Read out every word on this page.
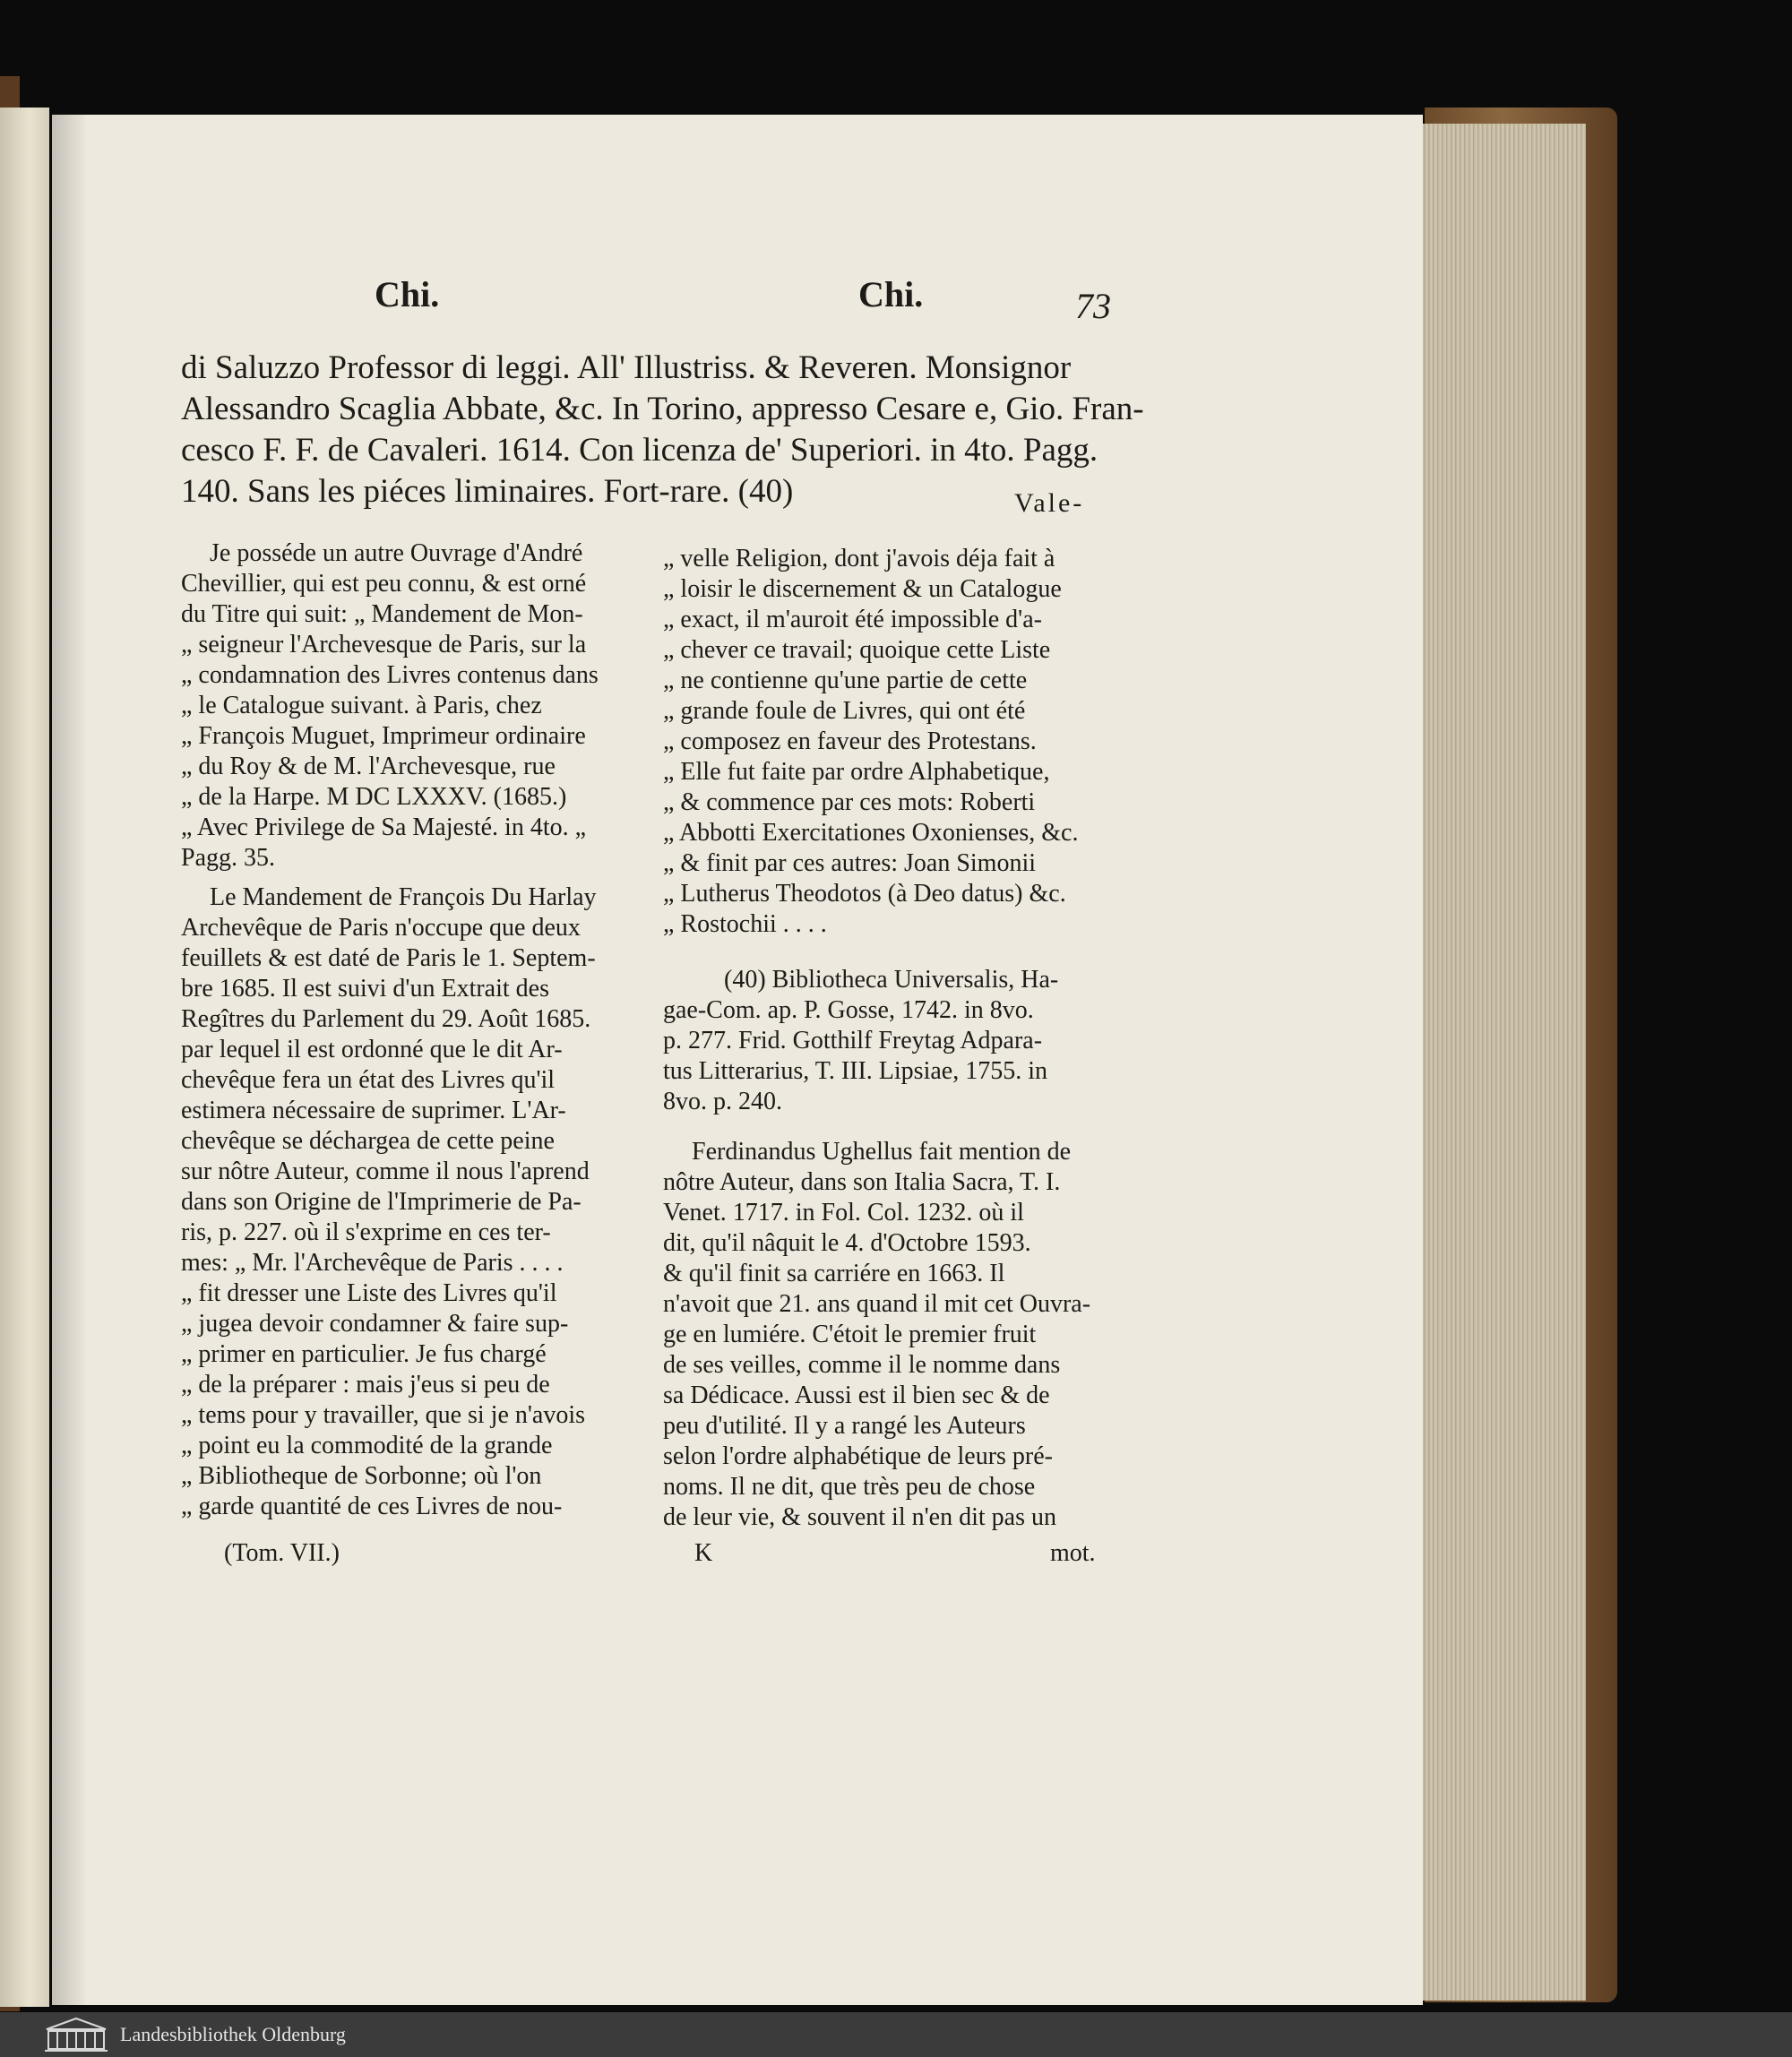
Chi.	Chi.	73
di Saluzzo Professor di leggi. All' Illustriss. & Reveren. Monsignor
Alessandro Scaglia Abbate, &c. In Torino, appresso Cesare e, Gio. Fran-
cesco F. F. de Cavaleri. 1614. Con licenza de' Superiori. in 4to. Pagg.
140. Sans les piéces liminaires. Fort-rare. (40)	Vale-
Je posséde un autre Ouvrage d'André
Chevillier, qui est peu connu, & est orné
du Titre qui suit: „ Mandement de Mon-
„ seigneur l'Archevesque de Paris, sur la
„ condamnation des Livres contenus dans
„ le Catalogue suivant. à Paris, chez
„ François Muguet, Imprimeur ordinaire
„ du Roy & de M. l'Archevesque, rue
„ de la Harpe. M DC LXXXV. (1685.)
„ Avec Privilege de Sa Majesté. in 4to. „
Pagg. 35.
Le Mandement de François Du Harlay
Archevêque de Paris n'occupe que deux
feuillets & est daté de Paris le 1. Septem-
bre 1685. Il est suivi d'un Extrait des
Regîtres du Parlement du 29. Août 1685.
par lequel il est ordonné que le dit Ar-
chevêque fera un état des Livres qu'il
estimera nécessaire de suprimer. L'Ar-
chevêque se déchargea de cette peine
sur nôtre Auteur, comme il nous l'aprend
dans son Origine de l'Imprimerie de Pa-
ris, p. 227. où il s'exprime en ces ter-
mes: „ Mr. l'Archevêque de Paris . . . .
„ fit dresser une Liste des Livres qu'il
„ jugea devoir condamner & faire sup-
„ primer en particulier. Je fus chargé
„ de la préparer : mais j'eus si peu de
„ tems pour y travailler, que si je n'avois
„ point eu la commodité de la grande
„ Bibliotheque de Sorbonne; où l'on
„ garde quantité de ces Livres de nou-
„ velle Religion, dont j'avois déja fait à
„ loisir le discernement & un Catalogue
„ exact, il m'auroit été impossible d'a-
„ chever ce travail; quoique cette Liste
„ ne contienne qu'une partie de cette
„ grande foule de Livres, qui ont été
„ composez en faveur des Protestans.
„ Elle fut faite par ordre Alphabetique,
„ & commence par ces mots: Roberti
„ Abbotti Exercitationes Oxonienses, &c.
„ & finit par ces autres: Joan Simonii
„ Lutherus Theodotos (à Deo datus) &c.
„ Rostochii . . . .
(40) Bibliotheca Universalis, Ha-
gae-Com. ap. P. Gosse, 1742. in 8vo.
p. 277. Frid. Gotthilf Freytag Adpara-
tus Litterarius, T. III. Lipsiae, 1755. in
8vo. p. 240.
Ferdinandus Ughellus fait mention de
nôtre Auteur, dans son Italia Sacra, T. I.
Venet. 1717. in Fol. Col. 1232. où il
dit, qu'il nâquit le 4. d'Octobre 1593.
& qu'il finit sa carriére en 1663. Il
n'avoit que 21. ans quand il mit cet Ouvra-
ge en lumiére. C'étoit le premier fruit
de ses veilles, comme il le nomme dans
sa Dédicace. Aussi est il bien sec & de
peu d'utilité. Il y a rangé les Auteurs
selon l'ordre alphabétique de leurs pré-
noms. Il ne dit, que très peu de chose
de leur vie, & souvent il n'en dit pas un
(Tom. VII.)	K	mot.
Landesbibliothek Oldenburg
